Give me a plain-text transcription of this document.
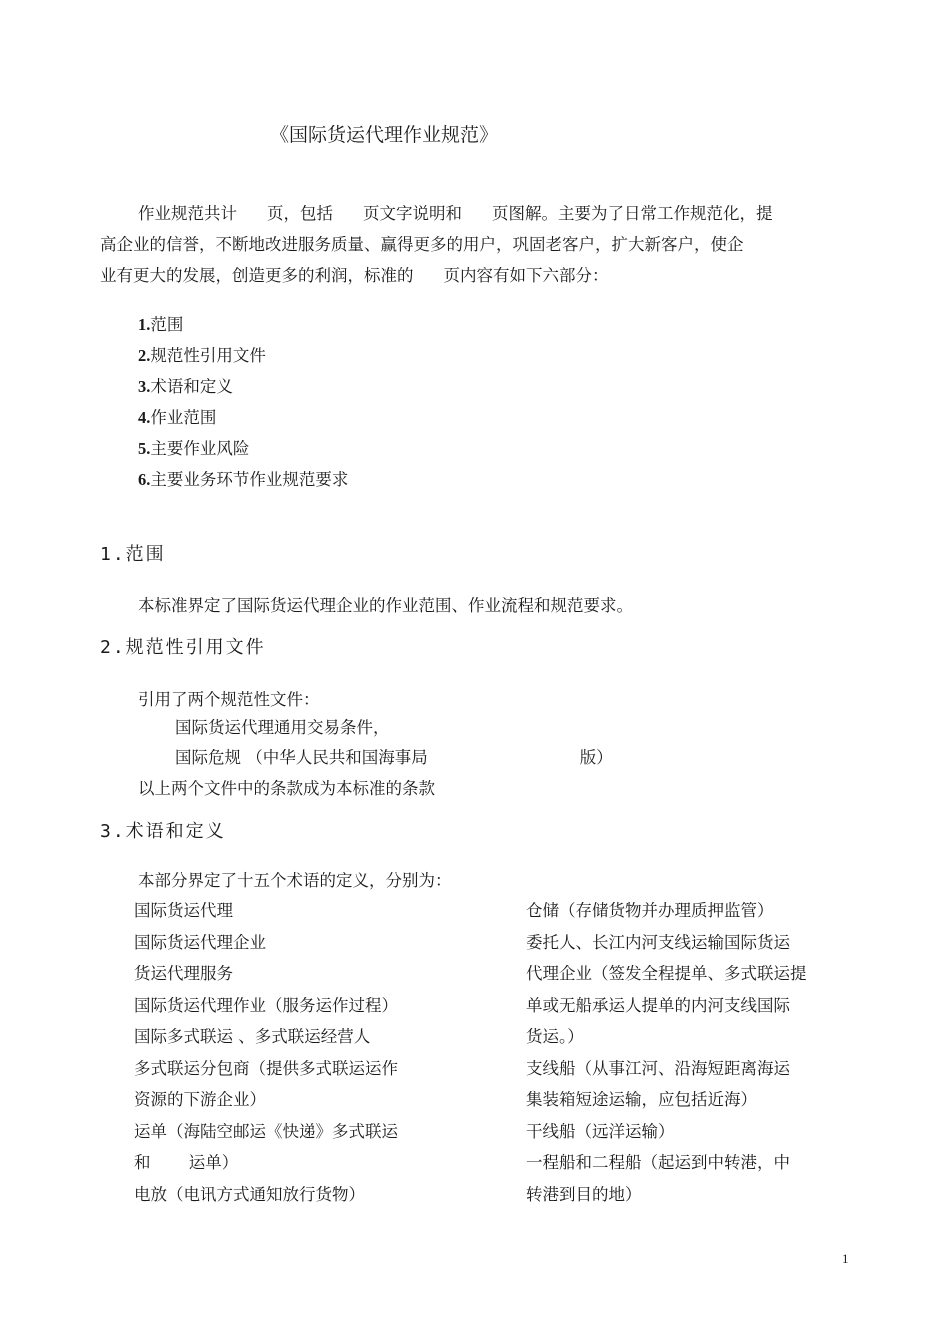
《国际货运代理作业规范》
作业规范共计 页，包括 页文字说明和 页图解。主要为了日常工作规范化，提
高企业的信誉，不断地改进服务质量、赢得更多的用户，巩固老客户，扩大新客户，使企
业有更大的发展，创造更多的利润，标准的 页内容有如下六部分：
1.范围
2.规范性引用文件
3.术语和定义
4.作业范围
5.主要作业风险
6.主要业务环节作业规范要求
1.范围
本标准界定了国际货运代理企业的作业范围、作业流程和规范要求。
2.规范性引用文件
引用了两个规范性文件：
国际货运代理通用交易条件，
国际危规 （中华人民共和国海事局	版）
以上两个文件中的条款成为本标准的条款
3.术语和定义
本部分界定了十五个术语的定义，分别为：
国际货运代理
国际货运代理企业
货运代理服务
国际货运代理作业（服务运作过程）
国际多式联运 、多式联运经营人
多式联运分包商（提供多式联运运作
资源的下游企业）
运单（海陆空邮运《快递》多式联运
和　　 运单）
电放（电讯方式通知放行货物）
仓储（存储货物并办理质押监管）
委托人、长江内河支线运输国际货运
代理企业（签发全程提单、多式联运提
单或无船承运人提单的内河支线国际
货运。）
支线船（从事江河、沿海短距离海运
集装箱短途运输，应包括近海）
干线船（远洋运输）
一程船和二程船（起运到中转港，中
转港到目的地）
1
